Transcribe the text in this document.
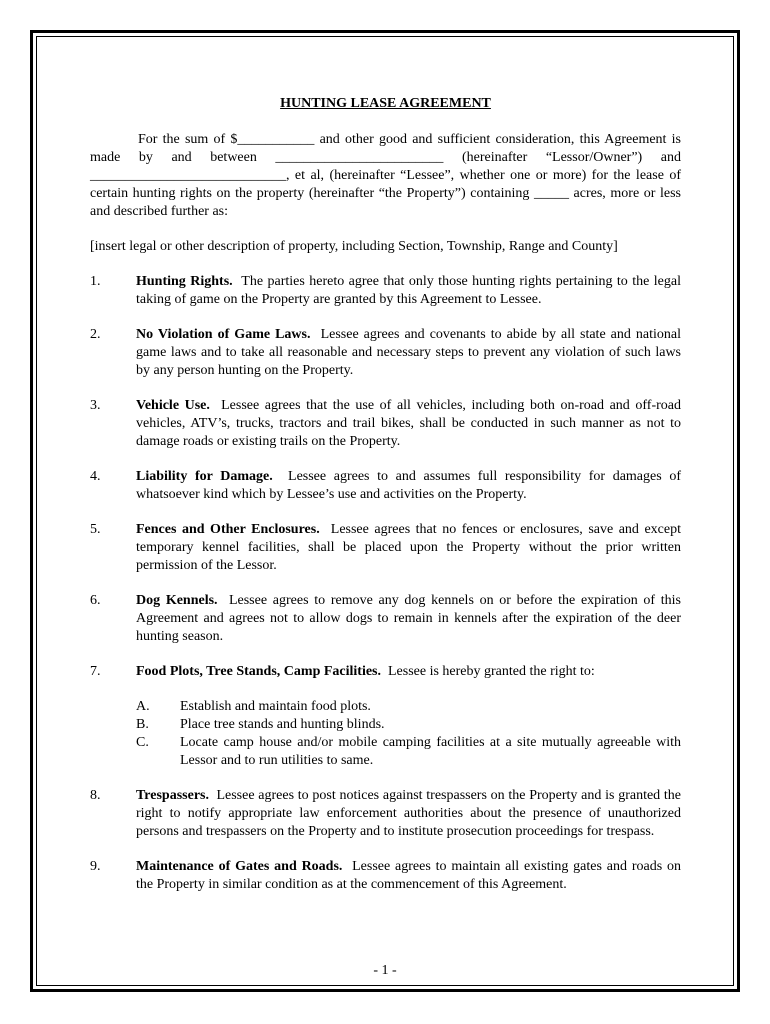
HUNTING LEASE AGREEMENT

For the sum of $___________ and other good and sufficient consideration, this Agreement is made by and between ________________________ (hereinafter “Lessor/Owner”) and ____________________________, et al, (hereinafter “Lessee”, whether one or more) for the lease of certain hunting rights on the property (hereinafter “the Property”) containing _____ acres, more or less and described further as:

[insert legal or other description of property, including Section, Township, Range and County]

1.	Hunting Rights. The parties hereto agree that only those hunting rights pertaining to the legal taking of game on the Property are granted by this Agreement to Lessee.
2.	No Violation of Game Laws. Lessee agrees and covenants to abide by all state and national game laws and to take all reasonable and necessary steps to prevent any violation of such laws by any person hunting on the Property.
3.	Vehicle Use. Lessee agrees that the use of all vehicles, including both on-road and off-road vehicles, ATV’s, trucks, tractors and trail bikes, shall be conducted in such manner as not to damage roads or existing trails on the Property.
4.	Liability for Damage. Lessee agrees to and assumes full responsibility for damages of whatsoever kind which by Lessee’s use and activities on the Property.
5.	Fences and Other Enclosures. Lessee agrees that no fences or enclosures, save and except temporary kennel facilities, shall be placed upon the Property without the prior written permission of the Lessor.
6.	Dog Kennels. Lessee agrees to remove any dog kennels on or before the expiration of this Agreement and agrees not to allow dogs to remain in kennels after the expiration of the deer hunting season.
7.	Food Plots, Tree Stands, Camp Facilities. Lessee is hereby granted the right to:
A.	Establish and maintain food plots.
B.	Place tree stands and hunting blinds.
C.	Locate camp house and/or mobile camping facilities at a site mutually agreeable with Lessor and to run utilities to same.
8.	Trespassers. Lessee agrees to post notices against trespassers on the Property and is granted the right to notify appropriate law enforcement authorities about the presence of unauthorized persons and trespassers on the Property and to institute prosecution proceedings for trespass.
9.	Maintenance of Gates and Roads. Lessee agrees to maintain all existing gates and roads on the Property in similar condition as at the commencement of this Agreement.
- 1 -
